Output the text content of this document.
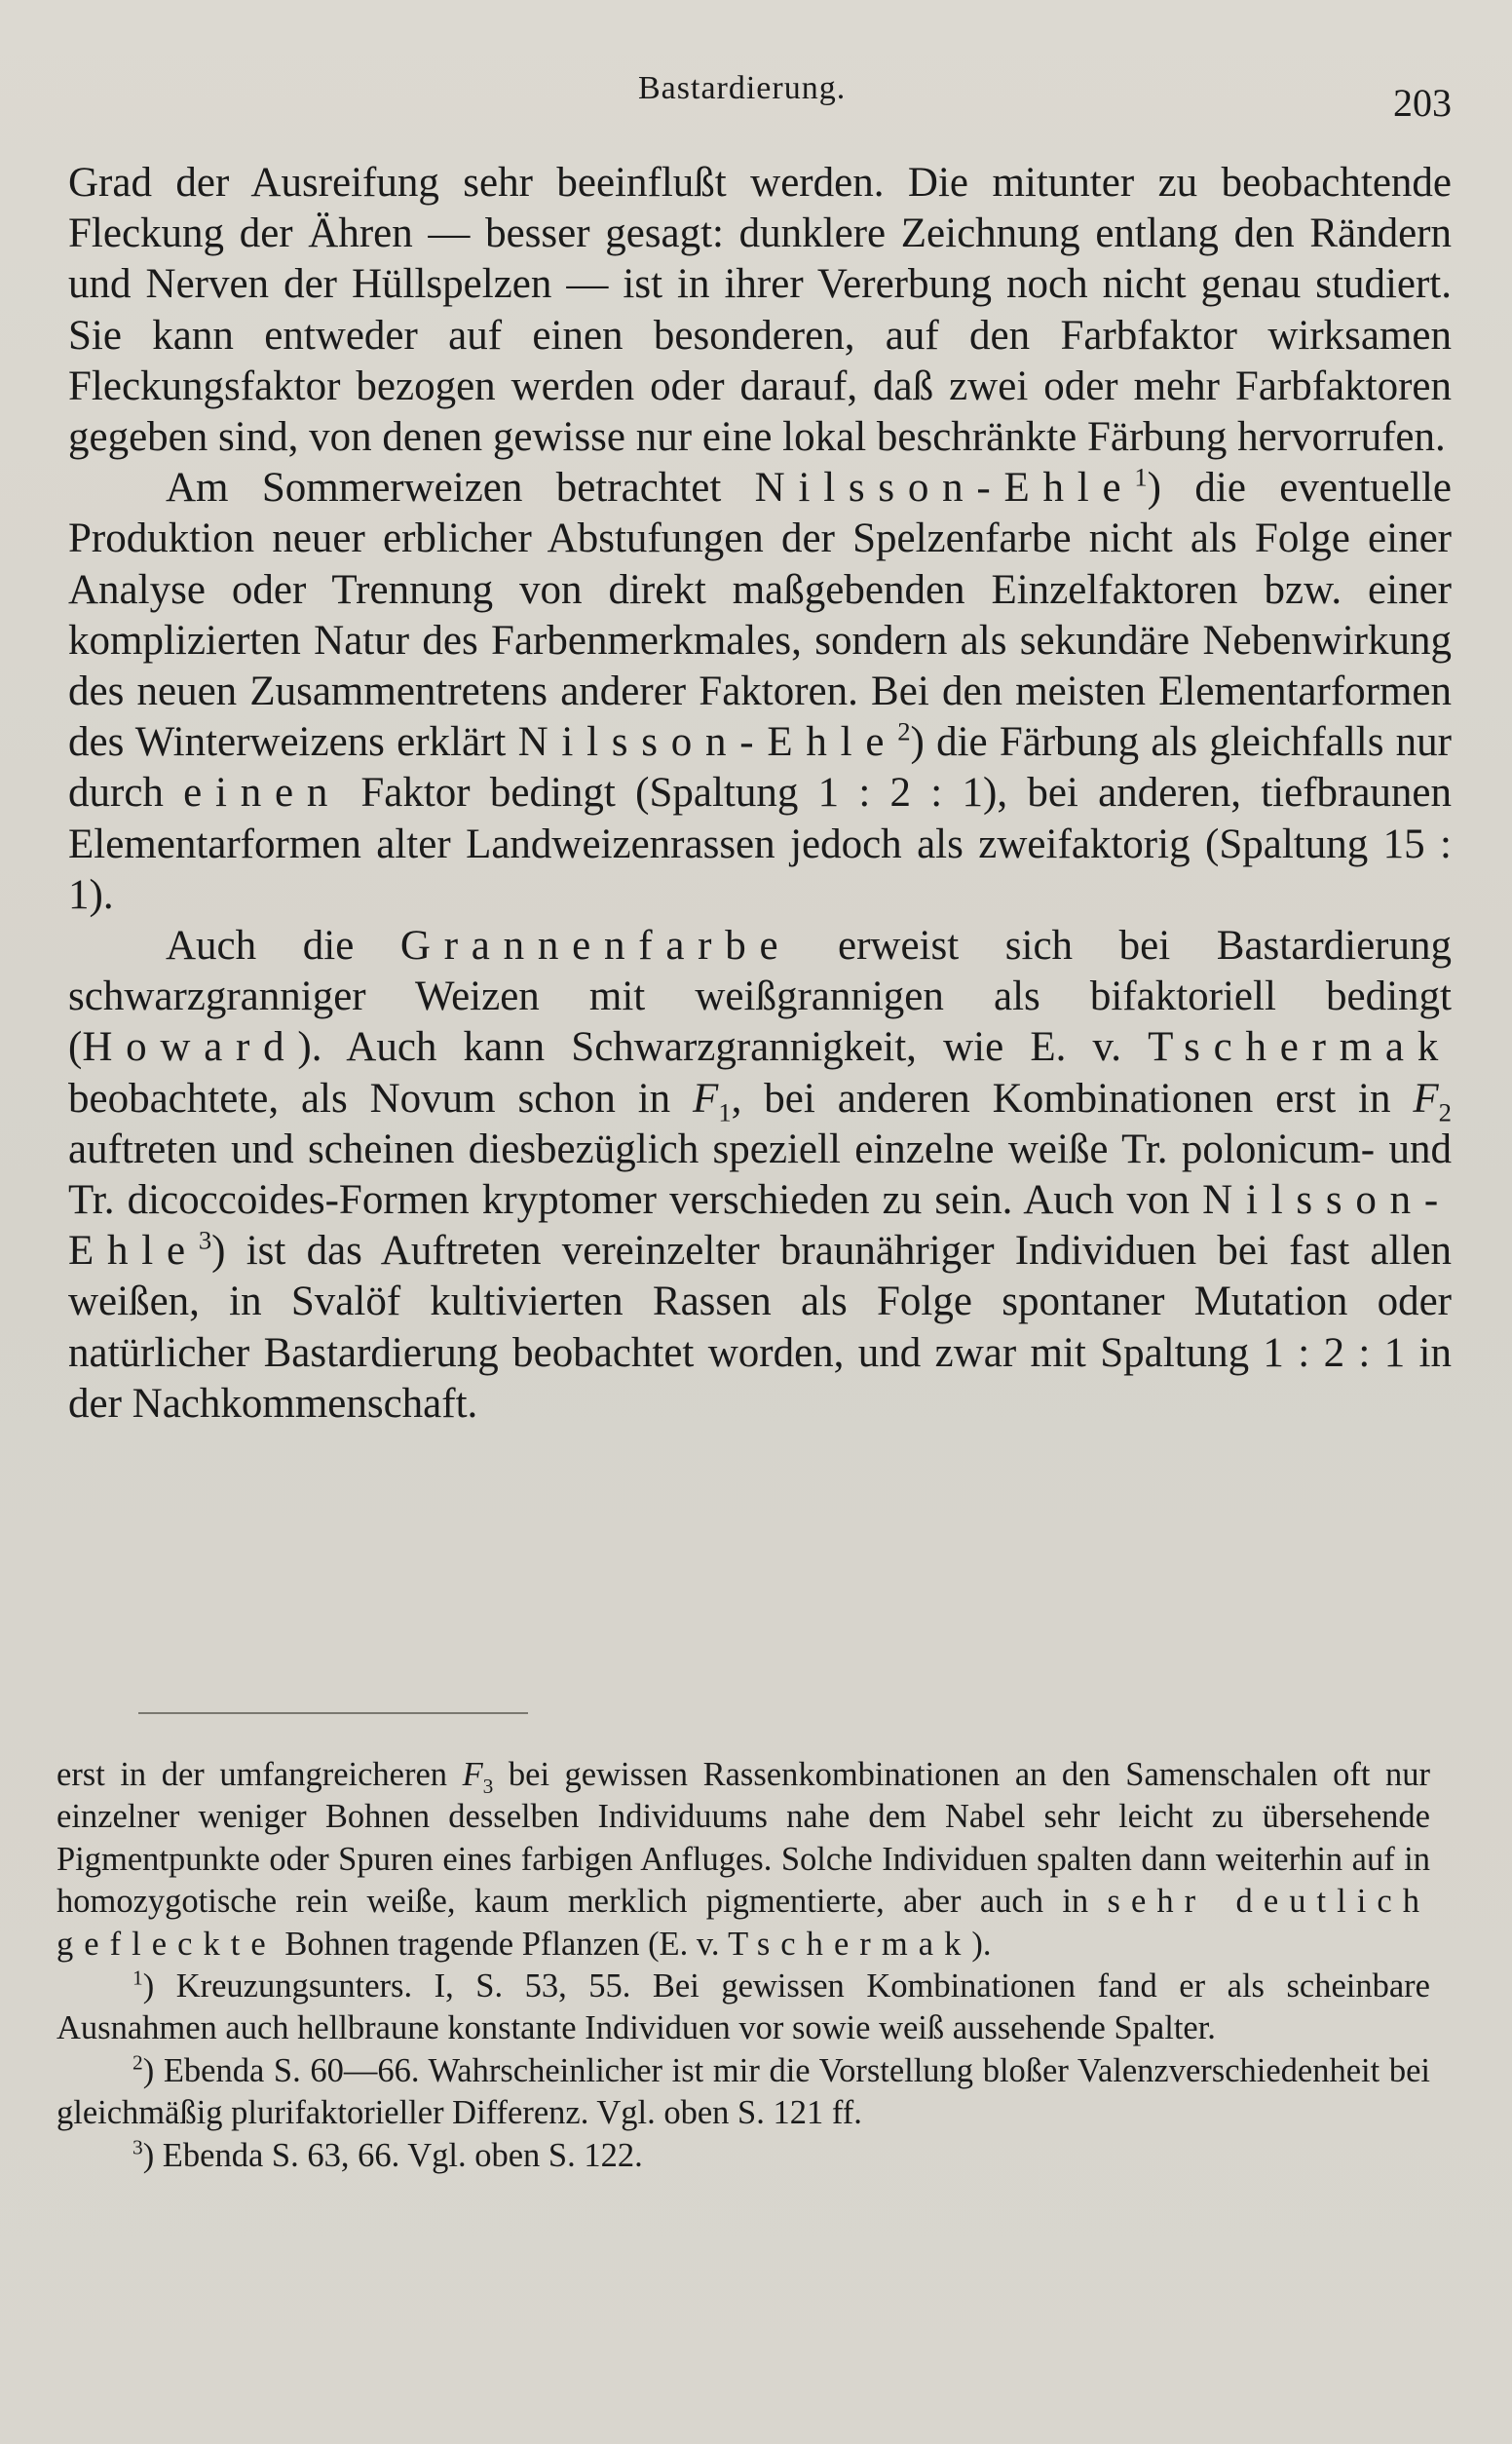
Bastardierung.	203

Grad der Ausreifung sehr beeinflußt werden. Die mitunter zu beobachtende Fleckung der Ähren — besser gesagt: dunklere Zeichnung entlang den Rändern und Nerven der Hüllspelzen — ist in ihrer Vererbung noch nicht genau studiert. Sie kann entweder auf einen besonderen, auf den Farbfaktor wirksamen Fleckungsfaktor bezogen werden oder darauf, daß zwei oder mehr Farbfaktoren gegeben sind, von denen gewisse nur eine lokal beschränkte Färbung hervorrufen.

Am Sommerweizen betrachtet Nilsson-Ehle$^1$) die eventuelle Produktion neuer erblicher Abstufungen der Spelzenfarbe nicht als Folge einer Analyse oder Trennung von direkt maßgebenden Einzelfaktoren bzw. einer komplizierten Natur des Farbenmerkmales, sondern als sekundäre Nebenwirkung des neuen Zusammentretens anderer Faktoren. Bei den meisten Elementarformen des Winterweizens erklärt Nilsson-Ehle$^2$) die Färbung als gleichfalls nur durch einen Faktor bedingt (Spaltung 1 : 2 : 1), bei anderen, tiefbraunen Elementarformen alter Landweizenrassen jedoch als zweifaktorig (Spaltung 15 : 1).

Auch die Grannenfarbe erweist sich bei Bastardierung schwarzgranniger Weizen mit weißgrannigen als bifaktoriell bedingt (Howard). Auch kann Schwarzgrannigkeit, wie E. v. Tschermak beobachtete, als Novum schon in $F_1$, bei anderen Kombinationen erst in $F_2$ auftreten und scheinen diesbezüglich speziell einzelne weiße Tr. polonicum- und Tr. dicoccoides-Formen kryptomer verschieden zu sein. Auch von Nilsson-Ehle$^3$) ist das Auftreten vereinzelter braunähriger Individuen bei fast allen weißen, in Svalöf kultivierten Rassen als Folge spontaner Mutation oder natürlicher Bastardierung beobachtet worden, und zwar mit Spaltung 1 : 2 : 1 in der Nachkommenschaft.

erst in der umfangreicheren $F_3$ bei gewissen Rassenkombinationen an den Samenschalen oft nur einzelner weniger Bohnen desselben Individuums nahe dem Nabel sehr leicht zu übersehende Pigmentpunkte oder Spuren eines farbigen Anfluges. Solche Individuen spalten dann weiterhin auf in homozygotische rein weiße, kaum merklich pigmentierte, aber auch in sehr deutlich gefleckte Bohnen tragende Pflanzen (E. v. Tschermak).

$^1$) Kreuzungsunters. I, S. 53, 55. Bei gewissen Kombinationen fand er als scheinbare Ausnahmen auch hellbraune konstante Individuen vor sowie weiß aussehende Spalter.

$^2$) Ebenda S. 60—66. Wahrscheinlicher ist mir die Vorstellung bloßer Valenzverschiedenheit bei gleichmäßig plurifaktorieller Differenz. Vgl. oben S. 121 ff.

$^3$) Ebenda S. 63, 66. Vgl. oben S. 122.
